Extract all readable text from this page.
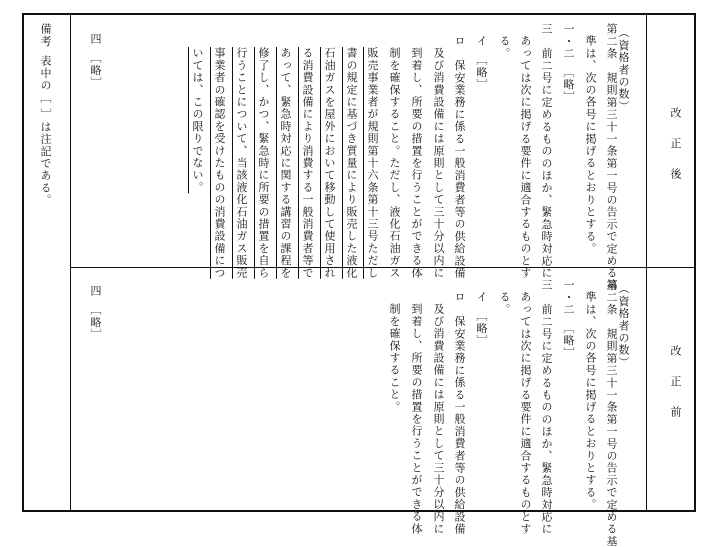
改 正 後
改 正 前
備考
表中の［ ］は注記である。	（資格者の数）
第二条　規則第三十一条第一号の告示で定める基
準は、次の各号に掲げるとおりとする。
一・二　［略］
三　前二号に定めるもののほか、緊急時対応に
あっては次に掲げる要件に適合するものとす
る。
イ　［略］
ロ　保安業務に係る一般消費者等の供給設備
及び消費設備には原則として三十分以内に
到着し、所要の措置を行うことができる体
制を確保すること。ただし、液化石油ガス
販売事業者が規則第十六条第十三号ただし
書の規定に基づき質量により販売した液化
石油ガスを屋外において移動して使用され
る消費設備により消費する一般消費者等で
あって、緊急時対応に関する講習の課程を
修了し、かつ、緊急時に所要の措置を自ら
行うことについて、当該液化石油ガス販売
事業者の確認を受けたものの消費設備につ
いては、この限りでない。
四　［略］
（資格者の数）
第二条　規則第三十一条第一号の告示で定める基
準は、次の各号に掲げるとおりとする。
一・二　［略］
三　前二号に定めるもののほか、緊急時対応に
あっては次に掲げる要件に適合するものとす
る。
イ　［略］
ロ　保安業務に係る一般消費者等の供給設備
及び消費設備には原則として三十分以内に
到着し、所要の措置を行うことができる体
制を確保すること。
四　［略］
